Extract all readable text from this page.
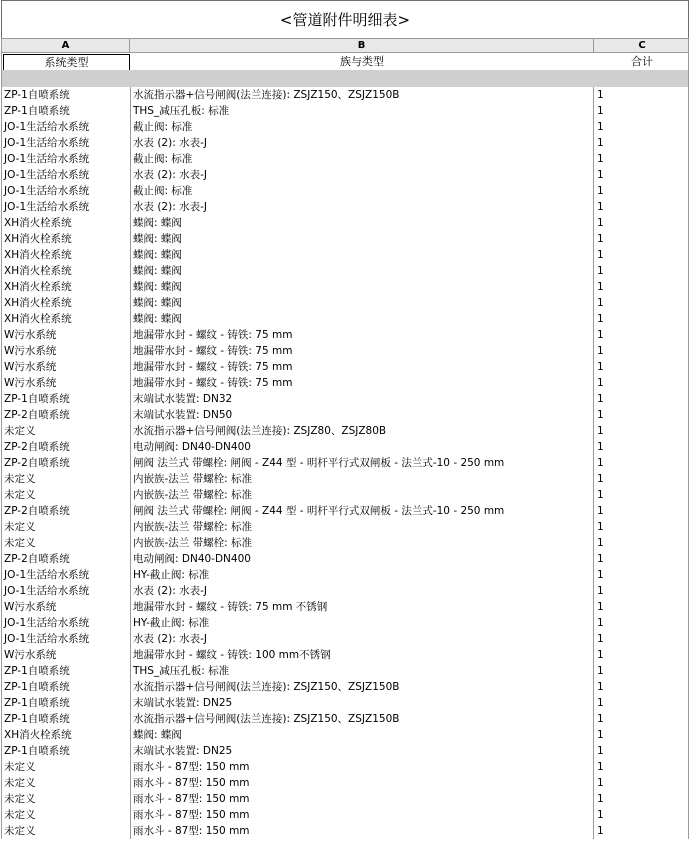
<管道附件明细表>
A	B	C
系统类型	族与类型	合计
ZP-1自喷系统	水流指示器+信号闸阀(法兰连接): ZSJZ150、ZSJZ150B	1
ZP-1自喷系统	THS_减压孔板: 标准	1
JO-1生活给水系统	截止阀: 标准	1
JO-1生活给水系统	水表 (2): 水表-J	1
JO-1生活给水系统	截止阀: 标准	1
JO-1生活给水系统	水表 (2): 水表-J	1
JO-1生活给水系统	截止阀: 标准	1
JO-1生活给水系统	水表 (2): 水表-J	1
XH消火栓系统	蝶阀: 蝶阀	1
XH消火栓系统	蝶阀: 蝶阀	1
XH消火栓系统	蝶阀: 蝶阀	1
XH消火栓系统	蝶阀: 蝶阀	1
XH消火栓系统	蝶阀: 蝶阀	1
XH消火栓系统	蝶阀: 蝶阀	1
XH消火栓系统	蝶阀: 蝶阀	1
W污水系统	地漏带水封 - 螺纹 - 铸铁: 75 mm	1
W污水系统	地漏带水封 - 螺纹 - 铸铁: 75 mm	1
W污水系统	地漏带水封 - 螺纹 - 铸铁: 75 mm	1
W污水系统	地漏带水封 - 螺纹 - 铸铁: 75 mm	1
ZP-1自喷系统	末端试水装置: DN32	1
ZP-2自喷系统	末端试水装置: DN50	1
未定义	水流指示器+信号闸阀(法兰连接): ZSJZ80、ZSJZ80B	1
ZP-2自喷系统	电动闸阀: DN40-DN400	1
ZP-2自喷系统	闸阀 法兰式 带螺栓: 闸阀 - Z44 型 - 明杆平行式双闸板 - 法兰式-10 - 250 mm	1
未定义	内嵌族-法兰 带螺栓: 标准	1
未定义	内嵌族-法兰 带螺栓: 标准	1
ZP-2自喷系统	闸阀 法兰式 带螺栓: 闸阀 - Z44 型 - 明杆平行式双闸板 - 法兰式-10 - 250 mm	1
未定义	内嵌族-法兰 带螺栓: 标准	1
未定义	内嵌族-法兰 带螺栓: 标准	1
ZP-2自喷系统	电动闸阀: DN40-DN400	1
JO-1生活给水系统	HY-截止阀: 标准	1
JO-1生活给水系统	水表 (2): 水表-J	1
W污水系统	地漏带水封 - 螺纹 - 铸铁: 75 mm 不锈钢	1
JO-1生活给水系统	HY-截止阀: 标准	1
JO-1生活给水系统	水表 (2): 水表-J	1
W污水系统	地漏带水封 - 螺纹 - 铸铁: 100 mm不锈钢	1
ZP-1自喷系统	THS_减压孔板: 标准	1
ZP-1自喷系统	水流指示器+信号闸阀(法兰连接): ZSJZ150、ZSJZ150B	1
ZP-1自喷系统	末端试水装置: DN25	1
ZP-1自喷系统	水流指示器+信号闸阀(法兰连接): ZSJZ150、ZSJZ150B	1
XH消火栓系统	蝶阀: 蝶阀	1
ZP-1自喷系统	末端试水装置: DN25	1
未定义	雨水斗 - 87型: 150 mm	1
未定义	雨水斗 - 87型: 150 mm	1
未定义	雨水斗 - 87型: 150 mm	1
未定义	雨水斗 - 87型: 150 mm	1
未定义	雨水斗 - 87型: 150 mm	1
